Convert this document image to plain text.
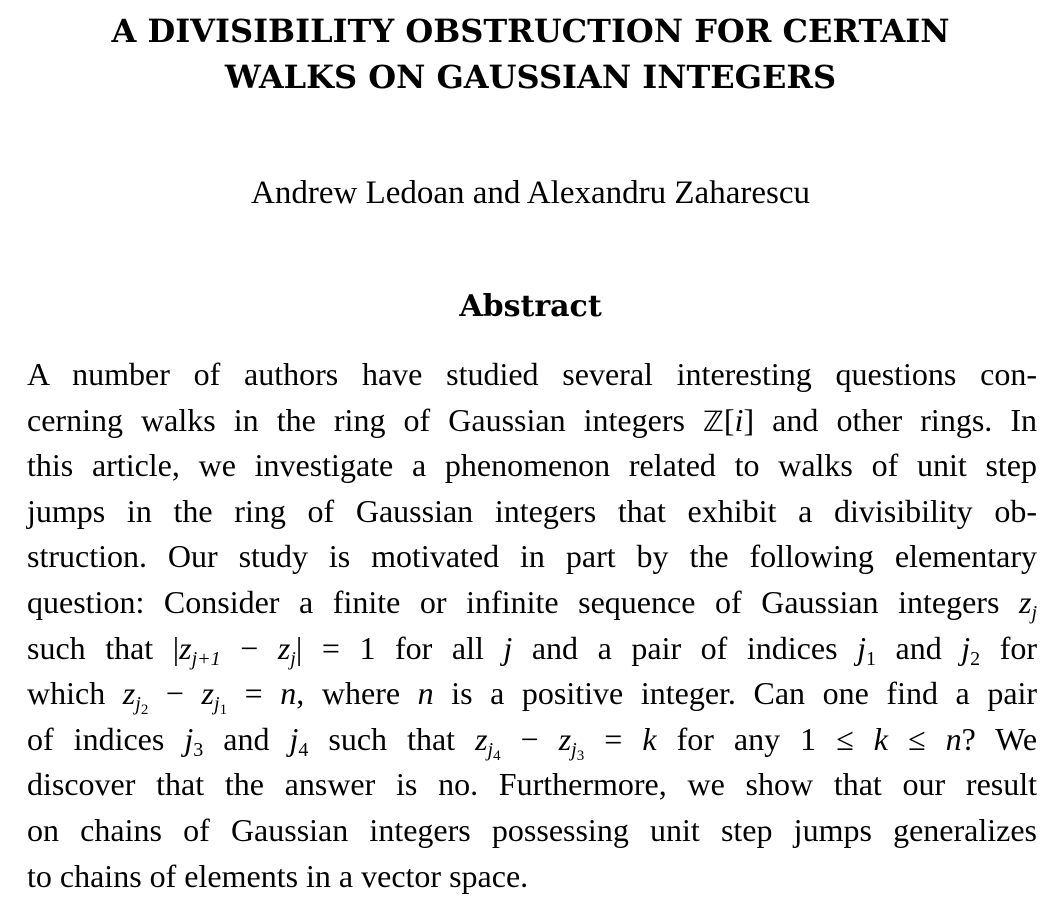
A DIVISIBILITY OBSTRUCTION FOR CERTAIN
WALKS ON GAUSSIAN INTEGERS
Andrew Ledoan and Alexandru Zaharescu
Abstract
A number of authors have studied several interesting questions con-
cerning walks in the ring of Gaussian integers ℤ[i] and other rings. In
this article, we investigate a phenomenon related to walks of unit step
jumps in the ring of Gaussian integers that exhibit a divisibility ob-
struction. Our study is motivated in part by the following elementary
question: Consider a finite or infinite sequence of Gaussian integers $z_j$
such that $|z_{j+1} - z_j| = 1$ for all j and a pair of indices $j_1$ and $j_2$ for
which $z_{j_2} - z_{j_1} = n$, where n is a positive integer. Can one find a pair
of indices $j_3$ and $j_4$ such that $z_{j_4} - z_{j_3} = k$ for any 1 ≤ k ≤ n? We
discover that the answer is no. Furthermore, we show that our result
on chains of Gaussian integers possessing unit step jumps generalizes
to chains of elements in a vector space.
